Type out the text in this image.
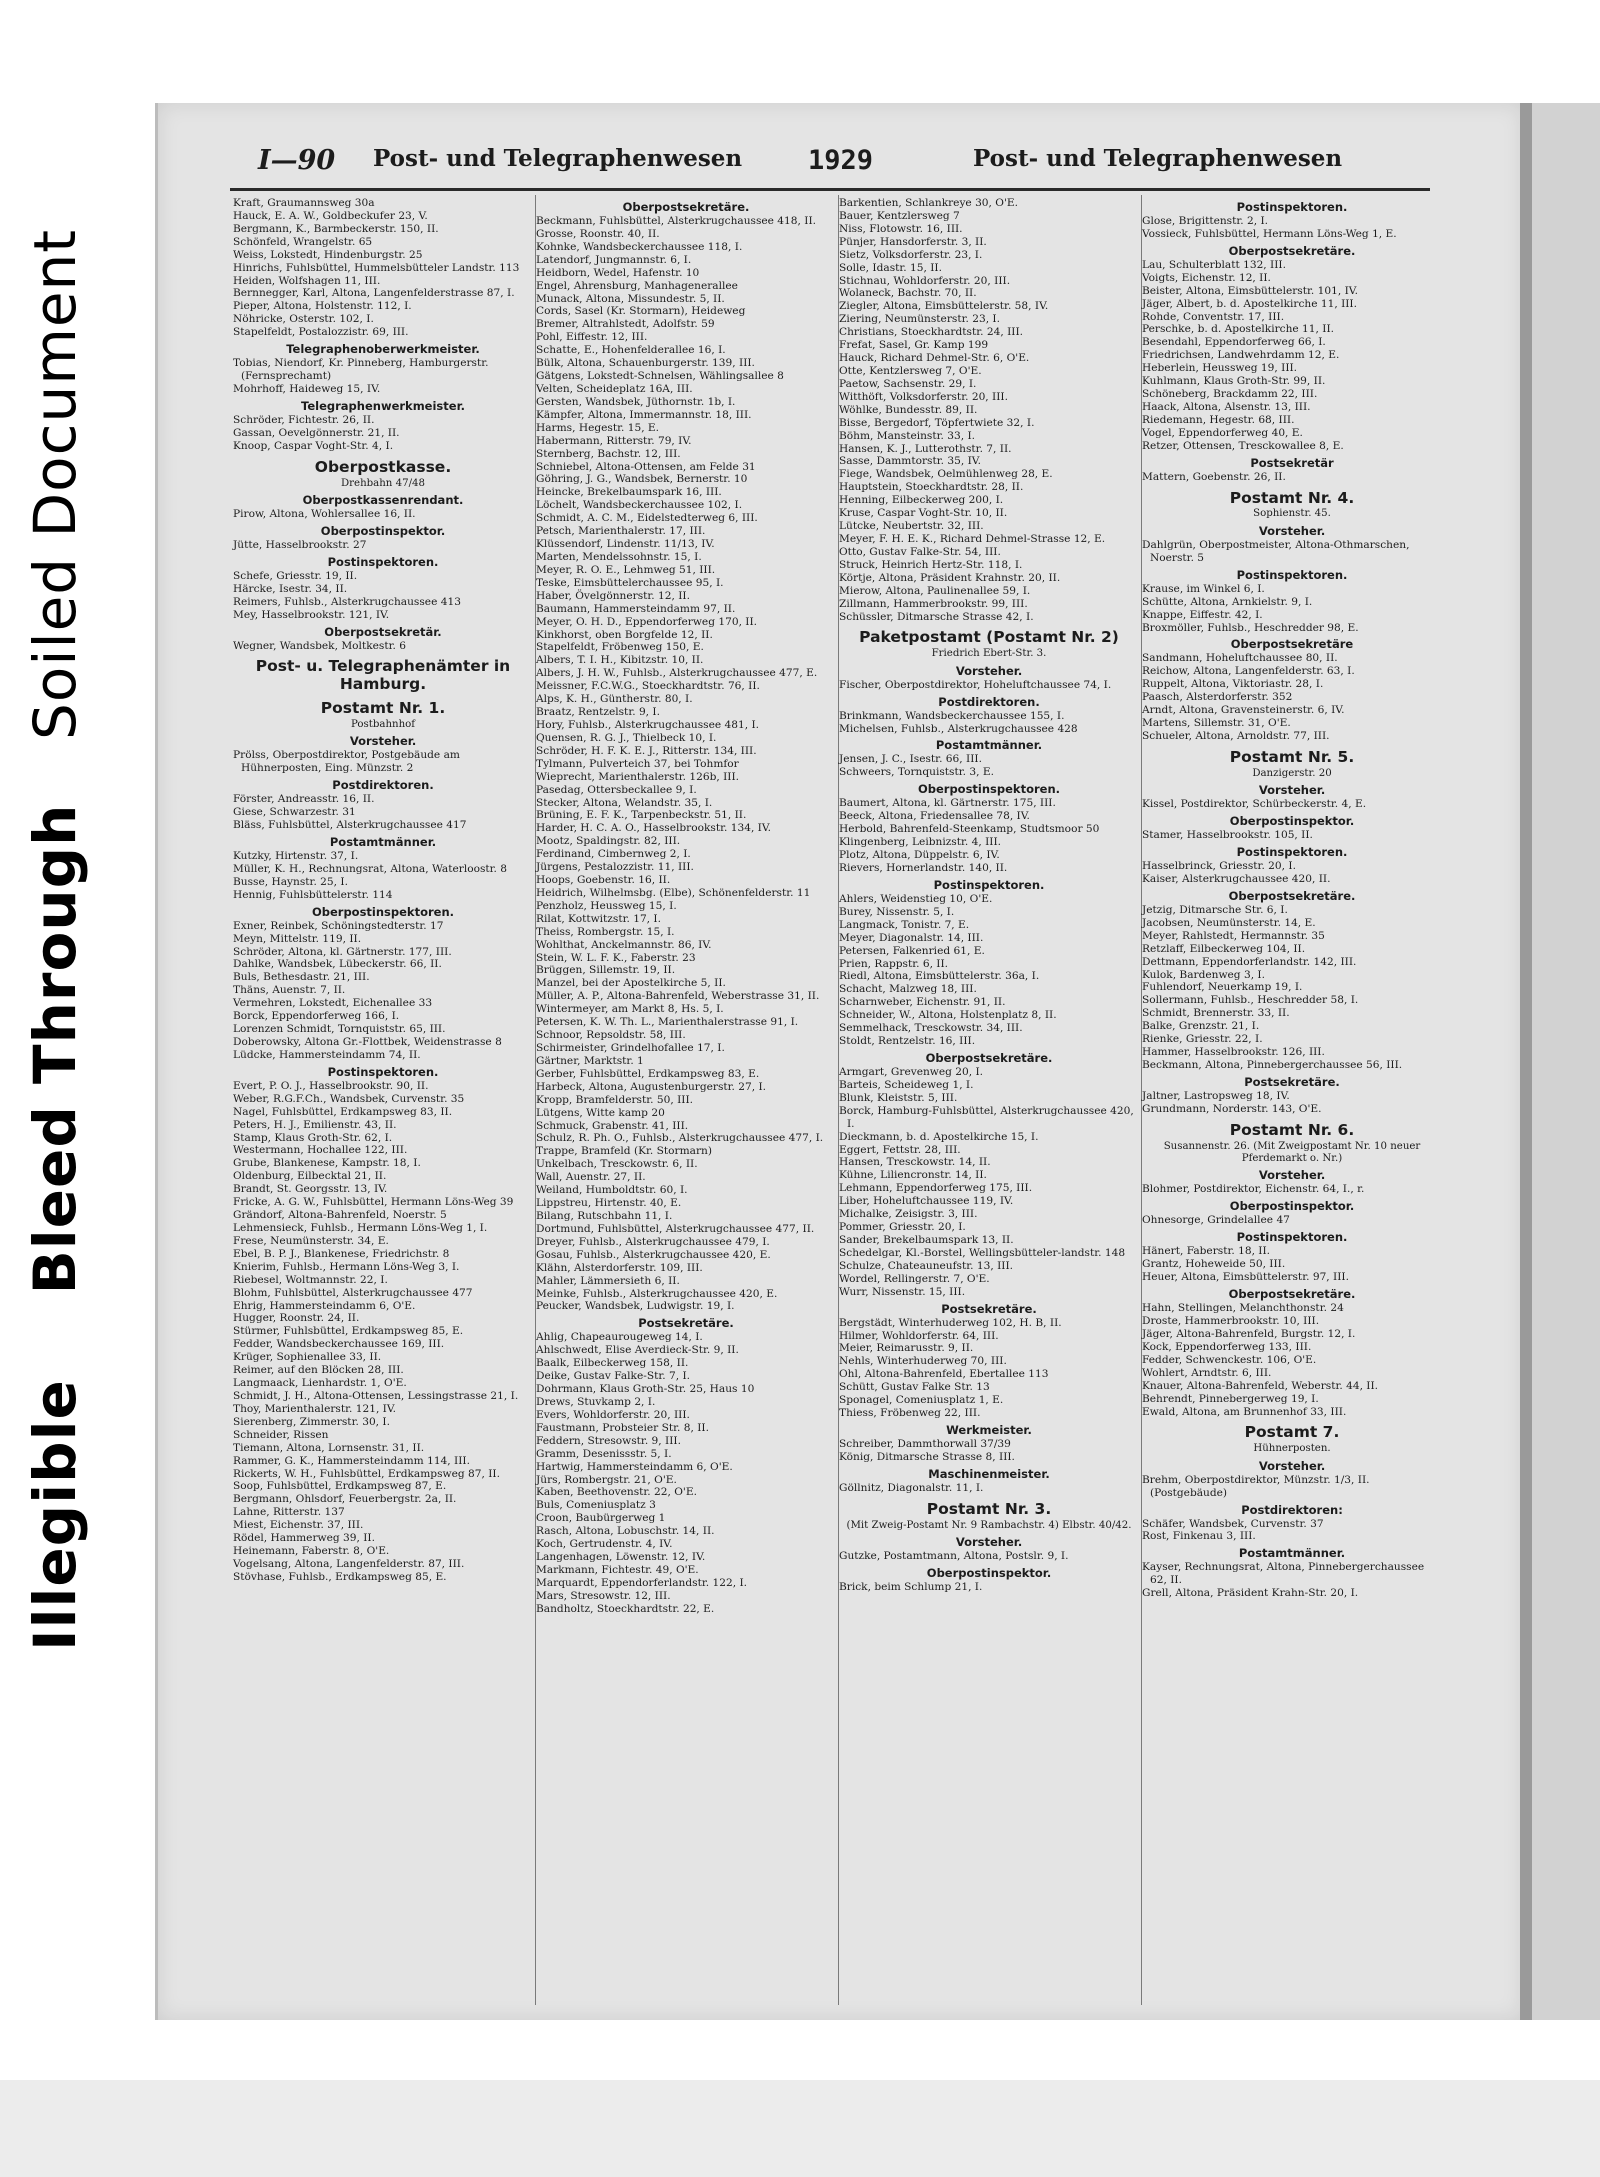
Illegible    Bleed Through   Soiled Document
I—90 Post- und Telegraphenwesen 1929	Post- und Telegraphenwesen

Kraft, Graumannsweg 30a

Hauck, E. A. W., Goldbeckufer 23, V.

Bergmann, K., Barmbeckerstr. 150, II.

Schönfeld, Wrangelstr. 65

Weiss, Lokstedt, Hindenburgstr. 25

Hinrichs, Fuhlsbüttel, Hummelsbütteler Landstr. 113

Heiden, Wolfshagen 11, III.

Bernnegger, Karl, Altona, Langenfelderstrasse 87, I.

Pieper, Altona, Holstenstr. 112, I.

Nöhricke, Osterstr. 102, I.

Stapelfeldt, Postalozzistr. 69, III.

Telegraphenoberwerkmeister.

Tobias, Niendorf, Kr. Pinneberg, Hamburgerstr. (Fernsprechamt)

Mohrhoff, Haideweg 15, IV.

Telegraphenwerkmeister.

Schröder, Fichtestr. 26, II.

Gassan, Oevelgönnerstr. 21, II.

Knoop, Caspar Voght-Str. 4, I.

Oberpostkasse.
Drehbahn 47/48
Oberpostkassenrendant.

Pirow, Altona, Wohlersallee 16, II.

Oberpostinspektor.

Jütte, Hasselbrookstr. 27

Postinspektoren.

Schefe, Griesstr. 19, II.

Härcke, Isestr. 34, II.

Reimers, Fuhlsb., Alsterkrugchaussee 413

Mey, Hasselbrookstr. 121, IV.

Oberpostsekretär.

Wegner, Wandsbek, Moltkestr. 6

Post- u. Telegraphenämter in Hamburg.
Postamt Nr. 1.
Postbahnhof
Vorsteher.

Prölss, Oberpostdirektor, Postgebäude am Hühnerposten, Eing. Münzstr. 2

Postdirektoren.

Förster, Andreasstr. 16, II.

Giese, Schwarzestr. 31

Bläss, Fuhlsbüttel, Alsterkrugchaussee 417

Postamtmänner.

Kutzky, Hirtenstr. 37, I.

Müller, K. H., Rechnungsrat, Altona, Waterloostr. 8

Busse, Haynstr. 25, I.

Hennig, Fuhlsbüttelerstr. 114

Oberpostinspektoren.

Exner, Reinbek, Schöningstedterstr. 17

Meyn, Mittelstr. 119, II.

Schröder, Altona, kl. Gärtnerstr. 177, III.

Dahlke, Wandsbek, Lübeckerstr. 66, II.

Buls, Bethesdastr. 21, III.

Thäns, Auenstr. 7, II.

Vermehren, Lokstedt, Eichenallee 33

Borck, Eppendorferweg 166, I.

Lorenzen Schmidt, Tornquiststr. 65, III.

Doberowsky, Altona Gr.-Flottbek, Weidenstrasse 8

Lüdcke, Hammersteindamm 74, II.

Postinspektoren.

Evert, P. O. J., Hasselbrookstr. 90, II.

Weber, R.G.F.Ch., Wandsbek, Curvenstr. 35

Nagel, Fuhlsbüttel, Erdkampsweg 83, II.

Peters, H. J., Emilienstr. 43, II.

Stamp, Klaus Groth-Str. 62, I.

Westermann, Hochallee 122, III.

Grube, Blankenese, Kampstr. 18, I.

Oldenburg, Eilbecktal 21, II.

Brandt, St. Georgsstr. 13, IV.

Fricke, A. G. W., Fuhlsbüttel, Hermann Löns-Weg 39

Grändorf, Altona-Bahrenfeld, Noerstr. 5

Lehmensieck, Fuhlsb., Hermann Löns-Weg 1, I.

Frese, Neumünsterstr. 34, E.

Ebel, B. P. J., Blankenese, Friedrichstr. 8

Knierim, Fuhlsb., Hermann Löns-Weg 3, I.

Riebesel, Woltmannstr. 22, I.

Blohm, Fuhlsbüttel, Alsterkrugchaussee 477

Ehrig, Hammersteindamm 6, O'E.

Hugger, Roonstr. 24, II.

Stürmer, Fuhlsbüttel, Erdkampsweg 85, E.

Fedder, Wandsbeckerchaussee 169, III.

Krüger, Sophienallee 33, II.

Reimer, auf den Blöcken 28, III.

Langmaack, Lienhardstr. 1, O'E.

Schmidt, J. H., Altona-Ottensen, Lessingstrasse 21, I.

Thoy, Marienthalerstr. 121, IV.

Sierenberg, Zimmerstr. 30, I.

Schneider, Rissen

Tiemann, Altona, Lornsenstr. 31, II.

Rammer, G. K., Hammersteindamm 114, III.

Rickerts, W. H., Fuhlsbüttel, Erdkampsweg 87, II.

Soop, Fuhlsbüttel, Erdkampsweg 87, E.

Bergmann, Ohlsdorf, Feuerbergstr. 2a, II.

Lahne, Ritterstr. 137

Miest, Eichenstr. 37, III.

Rödel, Hammerweg 39, II.

Heinemann, Faberstr. 8, O'E.

Vogelsang, Altona, Langenfelderstr. 87, III.

Stövhase, Fuhlsb., Erdkampsweg 85, E.

Oberpostsekretäre.

Beckmann, Fuhlsbüttel, Alsterkrugchaussee 418, II.

Grosse, Roonstr. 40, II.

Kohnke, Wandsbeckerchaussee 118, I.

Latendorf, Jungmannstr. 6, I.

Heidborn, Wedel, Hafenstr. 10

Engel, Ahrensburg, Manhagenerallee

Munack, Altona, Missundestr. 5, II.

Cords, Sasel (Kr. Stormarn), Heideweg

Bremer, Altrahlstedt, Adolfstr. 59

Pohl, Eiffestr. 12, III.

Schatte, E., Hohenfelderallee 16, I.

Bülk, Altona, Schauenburgerstr. 139, III.

Gätgens, Lokstedt-Schnelsen, Wählingsallee 8

Velten, Scheideplatz 16A, III.

Gersten, Wandsbek, Jüthornstr. 1b, I.

Kämpfer, Altona, Immermannstr. 18, III.

Harms, Hegestr. 15, E.

Habermann, Ritterstr. 79, IV.

Sternberg, Bachstr. 12, III.

Schniebel, Altona-Ottensen, am Felde 31

Göhring, J. G., Wandsbek, Bernerstr. 10

Heincke, Brekelbaumspark 16, III.

Löchelt, Wandsbeckerchaussee 102, I.

Schmidt, A. C. M., Eidelstedterweg 6, III.

Petsch, Marienthalerstr. 17, III.

Klüssendorf, Lindenstr. 11/13, IV.

Marten, Mendelssohnstr. 15, I.

Meyer, R. O. E., Lehmweg 51, III.

Teske, Eimsbüttelerchaussee 95, I.

Haber, Övelgönnerstr. 12, II.

Baumann, Hammersteindamm 97, II.

Meyer, O. H. D., Eppendorferweg 170, II.

Kinkhorst, oben Borgfelde 12, II.

Stapelfeldt, Fröbenweg 150, E.

Albers, T. I. H., Kibitzstr. 10, II.

Albers, J. H. W., Fuhlsb., Alsterkrugchaussee 477, E.

Meissner, F.C.W.G., Stoeckhardtstr. 76, II.

Alps, K. H., Güntherstr. 80, I.

Braatz, Rentzelstr. 9, I.

Hory, Fuhlsb., Alsterkrugchaussee 481, I.

Quensen, R. G. J., Thielbeck 10, I.

Schröder, H. F. K. E. J., Ritterstr. 134, III.

Tylmann, Pulverteich 37, bei Tohmfor

Wieprecht, Marienthalerstr. 126b, III.

Pasedag, Ottersbeckallee 9, I.

Stecker, Altona, Welandstr. 35, I.

Brüning, E. F. K., Tarpenbeckstr. 51, II.

Harder, H. C. A. O., Hasselbrookstr. 134, IV.

Mootz, Spaldingstr. 82, III.

Ferdinand, Cimbernweg 2, I.

Jürgens, Pestalozzistr. 11, III.

Hoops, Goebenstr. 16, II.

Heidrich, Wilhelmsbg. (Elbe), Schönenfelderstr. 11

Penzholz, Heussweg 15, I.

Rilat, Kottwitzstr. 17, I.

Theiss, Rombergstr. 15, I.

Wohlthat, Anckelmannstr. 86, IV.

Stein, W. L. F. K., Faberstr. 23

Brüggen, Sillemstr. 19, II.

Manzel, bei der Apostelkirche 5, II.

Müller, A. P., Altona-Bahrenfeld, Weberstrasse 31, II.

Wintermeyer, am Markt 8, Hs. 5, I.

Petersen, K. W. Th. L., Marienthalerstrasse 91, I.

Schnoor, Repsoldstr. 58, III.

Schirmeister, Grindelhofallee 17, I.

Gärtner, Marktstr. 1

Gerber, Fuhlsbüttel, Erdkampsweg 83, E.

Harbeck, Altona, Augustenburgerstr. 27, I.

Kropp, Bramfelderstr. 50, III.

Lütgens, Witte kamp 20

Schmuck, Grabenstr. 41, III.

Schulz, R. Ph. O., Fuhlsb., Alsterkrugchaussee 477, I.

Trappe, Bramfeld (Kr. Stormarn)

Unkelbach, Tresckowstr. 6, II.

Wall, Auenstr. 27, II.

Weiland, Humboldtstr. 60, I.

Lippstreu, Hirtenstr. 40, E.

Bilang, Rutschbahn 11, I.

Dortmund, Fuhlsbüttel, Alsterkrugchaussee 477, II.

Dreyer, Fuhlsb., Alsterkrugchaussee 479, I.

Gosau, Fuhlsb., Alsterkrugchaussee 420, E.

Klähn, Alsterdorferstr. 109, III.

Mahler, Lämmersieth 6, II.

Meinke, Fuhlsb., Alsterkrugchaussee 420, E.

Peucker, Wandsbek, Ludwigstr. 19, I.

Postsekretäre.

Ahlig, Chapeaurougeweg 14, I.

Ahlschwedt, Elise Averdieck-Str. 9, II.

Baalk, Eilbeckerweg 158, II.

Deike, Gustav Falke-Str. 7, I.

Dohrmann, Klaus Groth-Str. 25, Haus 10

Drews, Stuvkamp 2, I.

Evers, Wohldorferstr. 20, III.

Faustmann, Probsteier Str. 8, II.

Feddern, Stresowstr. 9, III.

Gramm, Desenissstr. 5, I.

Hartwig, Hammersteindamm 6, O'E.

Jürs, Rombergstr. 21, O'E.

Kaben, Beethovenstr. 22, O'E.

Buls, Comeniusplatz 3

Croon, Baubürgerweg 1

Rasch, Altona, Lobuschstr. 14, II.

Koch, Gertrudenstr. 4, IV.

Langenhagen, Löwenstr. 12, IV.

Markmann, Fichtestr. 49, O'E.

Marquardt, Eppendorferlandstr. 122, I.

Mars, Stresowstr. 12, III.

Bandholtz, Stoeckhardtstr. 22, E.

Barkentien, Schlankreye 30, O'E.

Bauer, Kentzlersweg 7

Niss, Flotowstr. 16, III.

Pünjer, Hansdorferstr. 3, II.

Sietz, Volksdorferstr. 23, I.

Solle, Idastr. 15, II.

Stichnau, Wohldorferstr. 20, III.

Wolaneck, Bachstr. 70, II.

Ziegler, Altona, Eimsbüttelerstr. 58, IV.

Ziering, Neumünsterstr. 23, I.

Christians, Stoeckhardtstr. 24, III.

Frefat, Sasel, Gr. Kamp 199

Hauck, Richard Dehmel-Str. 6, O'E.

Otte, Kentzlersweg 7, O'E.

Paetow, Sachsenstr. 29, I.

Witthöft, Volksdorferstr. 20, III.

Wöhlke, Bundesstr. 89, II.

Bisse, Bergedorf, Töpfertwiete 32, I.

Böhm, Mansteinstr. 33, I.

Hansen, K. J., Lutterothstr. 7, II.

Sasse, Dammtorstr. 35, IV.

Fiege, Wandsbek, Oelmühlenweg 28, E.

Hauptstein, Stoeckhardtstr. 28, II.

Henning, Eilbeckerweg 200, I.

Kruse, Caspar Voght-Str. 10, II.

Lütcke, Neubertstr. 32, III.

Meyer, F. H. E. K., Richard Dehmel-Strasse 12, E.

Otto, Gustav Falke-Str. 54, III.

Struck, Heinrich Hertz-Str. 118, I.

Körtje, Altona, Präsident Krahnstr. 20, II.

Mierow, Altona, Paulinenallee 59, I.

Zillmann, Hammerbrookstr. 99, III.

Schüssler, Ditmarsche Strasse 42, I.

Paketpostamt (Postamt Nr. 2)
Friedrich Ebert-Str. 3.
Vorsteher.

Fischer, Oberpostdirektor, Hoheluftchaussee 74, I.

Postdirektoren.

Brinkmann, Wandsbeckerchaussee 155, I.

Michelsen, Fuhlsb., Alsterkrugchaussee 428

Postamtmänner.

Jensen, J. C., Isestr. 66, III.

Schweers, Tornquiststr. 3, E.

Oberpostinspektoren.

Baumert, Altona, kl. Gärtnerstr. 175, III.

Beeck, Altona, Friedensallee 78, IV.

Herbold, Bahrenfeld-Steenkamp, Studtsmoor 50

Klingenberg, Leibnizstr. 4, III.

Plotz, Altona, Düppelstr. 6, IV.

Rievers, Hornerlandstr. 140, II.

Postinspektoren.

Ahlers, Weidenstieg 10, O'E.

Burey, Nissenstr. 5, I.

Langmack, Tonistr. 7, E.

Meyer, Diagonalstr. 14, III.

Petersen, Falkenried 61, E.

Prien, Rappstr. 6, II.

Riedl, Altona, Eimsbüttelerstr. 36a, I.

Schacht, Malzweg 18, III.

Scharnweber, Eichenstr. 91, II.

Schneider, W., Altona, Holstenplatz 8, II.

Semmelhack, Tresckowstr. 34, III.

Stoldt, Rentzelstr. 16, III.

Oberpostsekretäre.

Armgart, Grevenweg 20, I.

Barteis, Scheideweg 1, I.

Blunk, Kleiststr. 5, III.

Borck, Hamburg-Fuhlsbüttel, Alsterkrugchaussee 420, I.

Dieckmann, b. d. Apostelkirche 15, I.

Eggert, Fettstr. 28, III.

Hansen, Tresckowstr. 14, II.

Kühne, Liliencronstr. 14, II.

Lehmann, Eppendorferweg 175, III.

Liber, Hoheluftchaussee 119, IV.

Michalke, Zeisigstr. 3, III.

Pommer, Griesstr. 20, I.

Sander, Brekelbaumspark 13, II.

Schedelgar, Kl.-Borstel, Wellingsbütteler-landstr. 148

Schulze, Chateauneufstr. 13, III.

Wordel, Rellingerstr. 7, O'E.

Wurr, Nissenstr. 15, III.

Postsekretäre.

Bergstädt, Winterhuderweg 102, H. B, II.

Hilmer, Wohldorferstr. 64, III.

Meier, Reimarusstr. 9, II.

Nehls, Winterhuderweg 70, III.

Ohl, Altona-Bahrenfeld, Ebertallee 113

Schütt, Gustav Falke Str. 13

Sponagel, Comeniusplatz 1, E.

Thiess, Fröbenweg 22, III.

Werkmeister.

Schreiber, Dammthorwall 37/39

König, Ditmarsche Strasse 8, III.

Maschinenmeister.

Göllnitz, Diagonalstr. 11, I.

Postamt Nr. 3.
(Mit Zweig-Postamt Nr. 9 Rambachstr. 4) Elbstr. 40/42.
Vorsteher.

Gutzke, Postamtmann, Altona, Postslr. 9, I.

Oberpostinspektor.

Brick, beim Schlump 21, I.

Postinspektoren.

Glose, Brigittenstr. 2, I.

Vossieck, Fuhlsbüttel, Hermann Löns-Weg 1, E.

Oberpostsekretäre.

Lau, Schulterblatt 132, III.

Voigts, Eichenstr. 12, II.

Beister, Altona, Eimsbüttelerstr. 101, IV.

Jäger, Albert, b. d. Apostelkirche 11, III.

Rohde, Conventstr. 17, III.

Perschke, b. d. Apostelkirche 11, II.

Besendahl, Eppendorferweg 66, I.

Friedrichsen, Landwehrdamm 12, E.

Heberlein, Heussweg 19, III.

Kuhlmann, Klaus Groth-Str. 99, II.

Schöneberg, Brackdamm 22, III.

Haack, Altona, Alsenstr. 13, III.

Riedemann, Hegestr. 68, III.

Vogel, Eppendorferweg 40, E.

Retzer, Ottensen, Tresckowallee 8, E.

Postsekretär

Mattern, Goebenstr. 26, II.

Postamt Nr. 4.
Sophienstr. 45.
Vorsteher.

Dahlgrün, Oberpostmeister, Altona-Othmarschen, Noerstr. 5

Postinspektoren.

Krause, im Winkel 6, I.

Schütte, Altona, Arnkielstr. 9, I.

Knappe, Eiffestr. 42, I.

Broxmöller, Fuhlsb., Heschredder 98, E.

Oberpostsekretäre

Sandmann, Hoheluftchaussee 80, II.

Reichow, Altona, Langenfelderstr. 63, I.

Ruppelt, Altona, Viktoriastr. 28, I.

Paasch, Alsterdorferstr. 352

Arndt, Altona, Gravensteinerstr. 6, IV.

Martens, Sillemstr. 31, O'E.

Schueler, Altona, Arnoldstr. 77, III.

Postamt Nr. 5.
Danzigerstr. 20
Vorsteher.

Kissel, Postdirektor, Schürbeckerstr. 4, E.

Oberpostinspektor.

Stamer, Hasselbrookstr. 105, II.

Postinspektoren.

Hasselbrinck, Griesstr. 20, I.

Kaiser, Alsterkrugchaussee 420, II.

Oberpostsekretäre.

Jetzig, Ditmarsche Str. 6, I.

Jacobsen, Neumünsterstr. 14, E.

Meyer, Rahlstedt, Hermannstr. 35

Retzlaff, Eilbeckerweg 104, II.

Dettmann, Eppendorferlandstr. 142, III.

Kulok, Bardenweg 3, I.

Fuhlendorf, Neuerkamp 19, I.

Sollermann, Fuhlsb., Heschredder 58, I.

Schmidt, Brennerstr. 33, II.

Balke, Grenzstr. 21, I.

Rienke, Griesstr. 22, I.

Hammer, Hasselbrookstr. 126, III.

Beckmann, Altona, Pinnebergerchaussee 56, III.

Postsekretäre.

Jaltner, Lastropsweg 18, IV.

Grundmann, Norderstr. 143, O'E.

Postamt Nr. 6.
Susannenstr. 26. (Mit Zweigpostamt Nr. 10 neuer Pferdemarkt o. Nr.)
Vorsteher.

Blohmer, Postdirektor, Eichenstr. 64, I., r.

Oberpostinspektor.

Ohnesorge, Grindelallee 47

Postinspektoren.

Hänert, Faberstr. 18, II.

Grantz, Hoheweide 50, III.

Heuer, Altona, Eimsbüttelerstr. 97, III.

Oberpostsekretäre.

Hahn, Stellingen, Melanchthonstr. 24

Droste, Hammerbrookstr. 10, III.

Jäger, Altona-Bahrenfeld, Burgstr. 12, I.

Kock, Eppendorferweg 133, III.

Fedder, Schwenckestr. 106, O'E.

Wohlert, Arndtstr. 6, III.

Knauer, Altona-Bahrenfeld, Weberstr. 44, II.

Behrendt, Pinnebergerweg 19, I.

Ewald, Altona, am Brunnenhof 33, III.

Postamt 7.
Hühnerposten.
Vorsteher.

Brehm, Oberpostdirektor, Münzstr. 1/3, II. (Postgebäude)

Postdirektoren:

Schäfer, Wandsbek, Curvenstr. 37

Rost, Finkenau 3, III.

Postamtmänner.

Kayser, Rechnungsrat, Altona, Pinnebergerchaussee 62, II.

Grell, Altona, Präsident Krahn-Str. 20, I.
